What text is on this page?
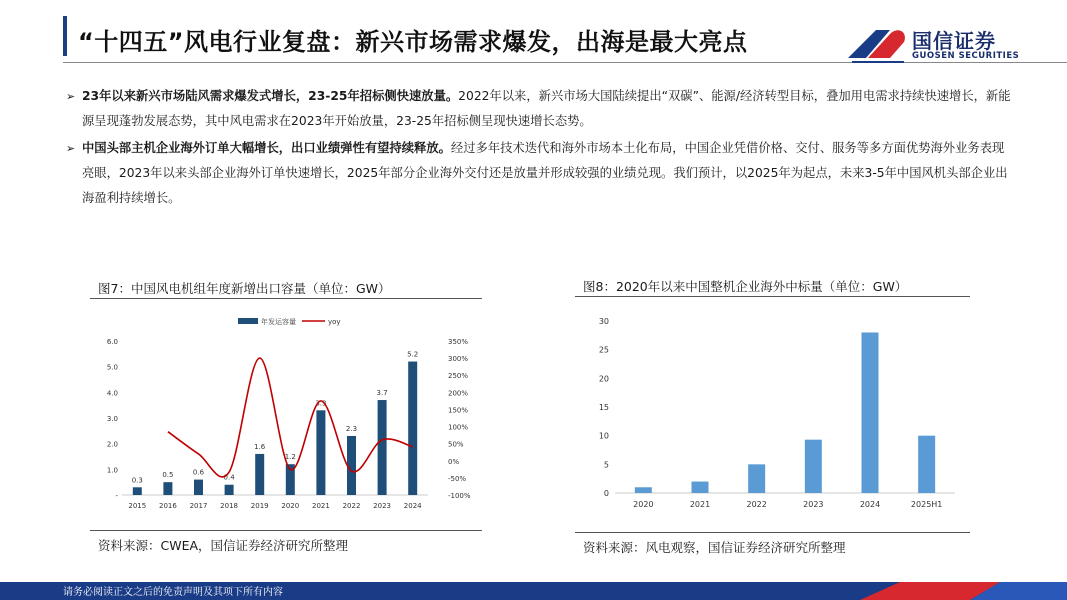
“十四五”风电行业复盘：新兴市场需求爆发，出海是最大亮点	国信证券
GUOSEN SECURITIES
➢ 23年以来新兴市场陆风需求爆发式增长，23-25年招标侧快速放量。2022年以来，新兴市场大国陆续提出“双碳”、能源/经济转型目标，叠加用电需求持续快速增长，新能源呈现蓬勃发展态势，其中风电需求在2023年开始放量，23-25年招标侧呈现快速增长态势。
➢ 中国头部主机企业海外订单大幅增长，出口业绩弹性有望持续释放。经过多年技术迭代和海外市场本土化布局，中国企业凭借价格、交付、服务等多方面优势海外业务表现亮眼，2023年以来头部企业海外订单快速增长，2025年部分企业海外交付还是放量并形成较强的业绩兑现。我们预计，以2025年为起点，未来3-5年中国风机头部企业出海盈利持续增长。
图7：中国风电机组年度新增出口容量（单位：GW）
年发运容量	yoy
-
1.0
2.0
3.0
4.0
5.0
6.0
-100%
-50%
0%
50%
100%
150%
200%
250%
300%
350%
0.3
2015
0.5
2016
0.6
2017
0.4
2018
1.6
2019
1.2
2020
3.3
2021
2.3
2022
3.7
2023
5.2
2024
资料来源：CWEA，国信证券经济研究所整理
图8：2020年以来中国整机企业海外中标量（单位：GW）
0
5
10
15
20
25
30
2020	2021	2022	2023	2024	2025H1
资料来源：风电观察，国信证券经济研究所整理
请务必阅读正文之后的免责声明及其项下所有内容
